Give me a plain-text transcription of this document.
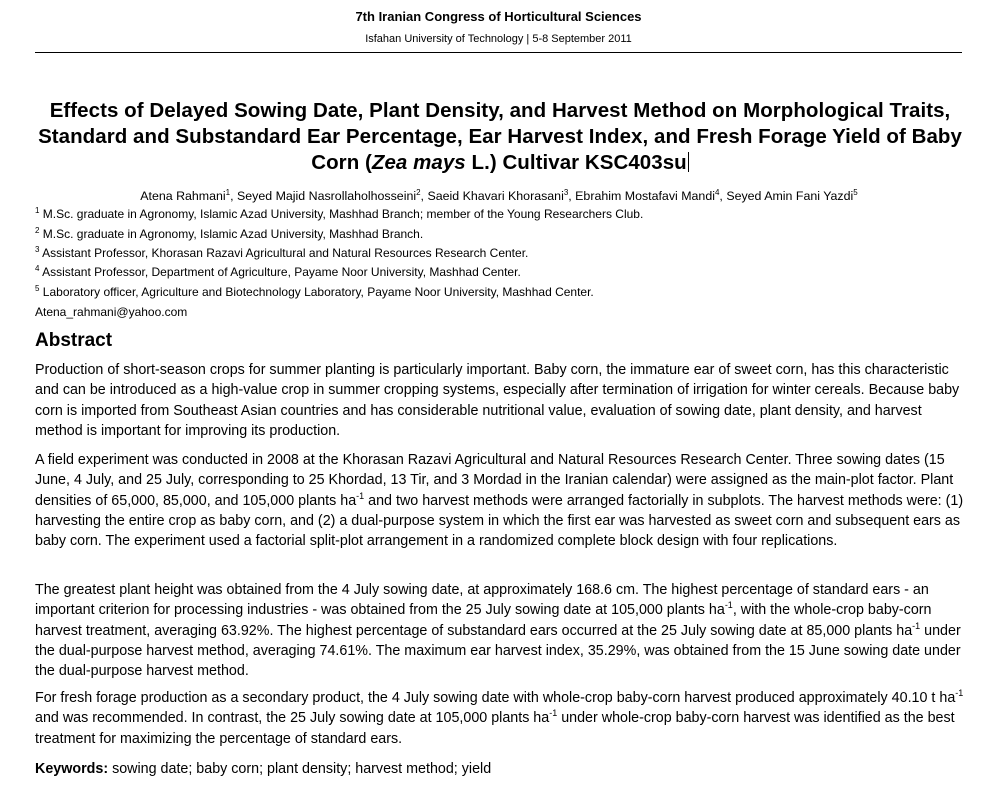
7th Iranian Congress of Horticultural Sciences
Isfahan University of Technology | 5-8 September 2011
Effects of Delayed Sowing Date, Plant Density, and Harvest Method on Morphological Traits, Standard and Substandard Ear Percentage, Ear Harvest Index, and Fresh Forage Yield of Baby Corn (Zea mays L.) Cultivar KSC403su
Atena Rahmani$^1$, Seyed Majid Nasrollaholhosseini$^2$, Saeid Khavari Khorasani$^3$, Ebrahim Mostafavi Mandi$^4$, Seyed Amin Fani Yazdi$^5$
$^1$ M.Sc. graduate in Agronomy, Islamic Azad University, Mashhad Branch; member of the Young Researchers Club.
$^2$ M.Sc. graduate in Agronomy, Islamic Azad University, Mashhad Branch.
$^3$ Assistant Professor, Khorasan Razavi Agricultural and Natural Resources Research Center.
$^4$ Assistant Professor, Department of Agriculture, Payame Noor University, Mashhad Center.
$^5$ Laboratory officer, Agriculture and Biotechnology Laboratory, Payame Noor University, Mashhad Center.
Atena_rahmani@yahoo.com
Abstract
Production of short-season crops for summer planting is particularly important. Baby corn, the immature ear of sweet corn, has this characteristic and can be introduced as a high-value crop in summer cropping systems, especially after termination of irrigation for winter cereals. Because baby corn is imported from Southeast Asian countries and has considerable nutritional value, evaluation of sowing date, plant density, and harvest method is important for improving its production.
A field experiment was conducted in 2008 at the Khorasan Razavi Agricultural and Natural Resources Research Center. Three sowing dates (15 June, 4 July, and 25 July, corresponding to 25 Khordad, 13 Tir, and 3 Mordad in the Iranian calendar) were assigned as the main-plot factor. Plant densities of 65,000, 85,000, and 105,000 plants $ha^{-1}$ and two harvest methods were arranged factorially in subplots. The harvest methods were: (1) harvesting the entire crop as baby corn, and (2) a dual-purpose system in which the first ear was harvested as sweet corn and subsequent ears as baby corn. The experiment used a factorial split-plot arrangement in a randomized complete block design with four replications.
The greatest plant height was obtained from the 4 July sowing date, at approximately 168.6 cm. The highest percentage of standard ears - an important criterion for processing industries - was obtained from the 25 July sowing date at 105,000 plants $ha^{-1}$, with the whole-crop baby-corn harvest treatment, averaging 63.92%. The highest percentage of substandard ears occurred at the 25 July sowing date at 85,000 plants $ha^{-1}$ under the dual-purpose harvest method, averaging 74.61%. The maximum ear harvest index, 35.29%, was obtained from the 15 June sowing date under the dual-purpose harvest method.
For fresh forage production as a secondary product, the 4 July sowing date with whole-crop baby-corn harvest produced approximately 40.10 t $ha^{-1}$ and was recommended. In contrast, the 25 July sowing date at 105,000 plants $ha^{-1}$ under whole-crop baby-corn harvest was identified as the best treatment for maximizing the percentage of standard ears.
Keywords: sowing date; baby corn; plant density; harvest method; yield
